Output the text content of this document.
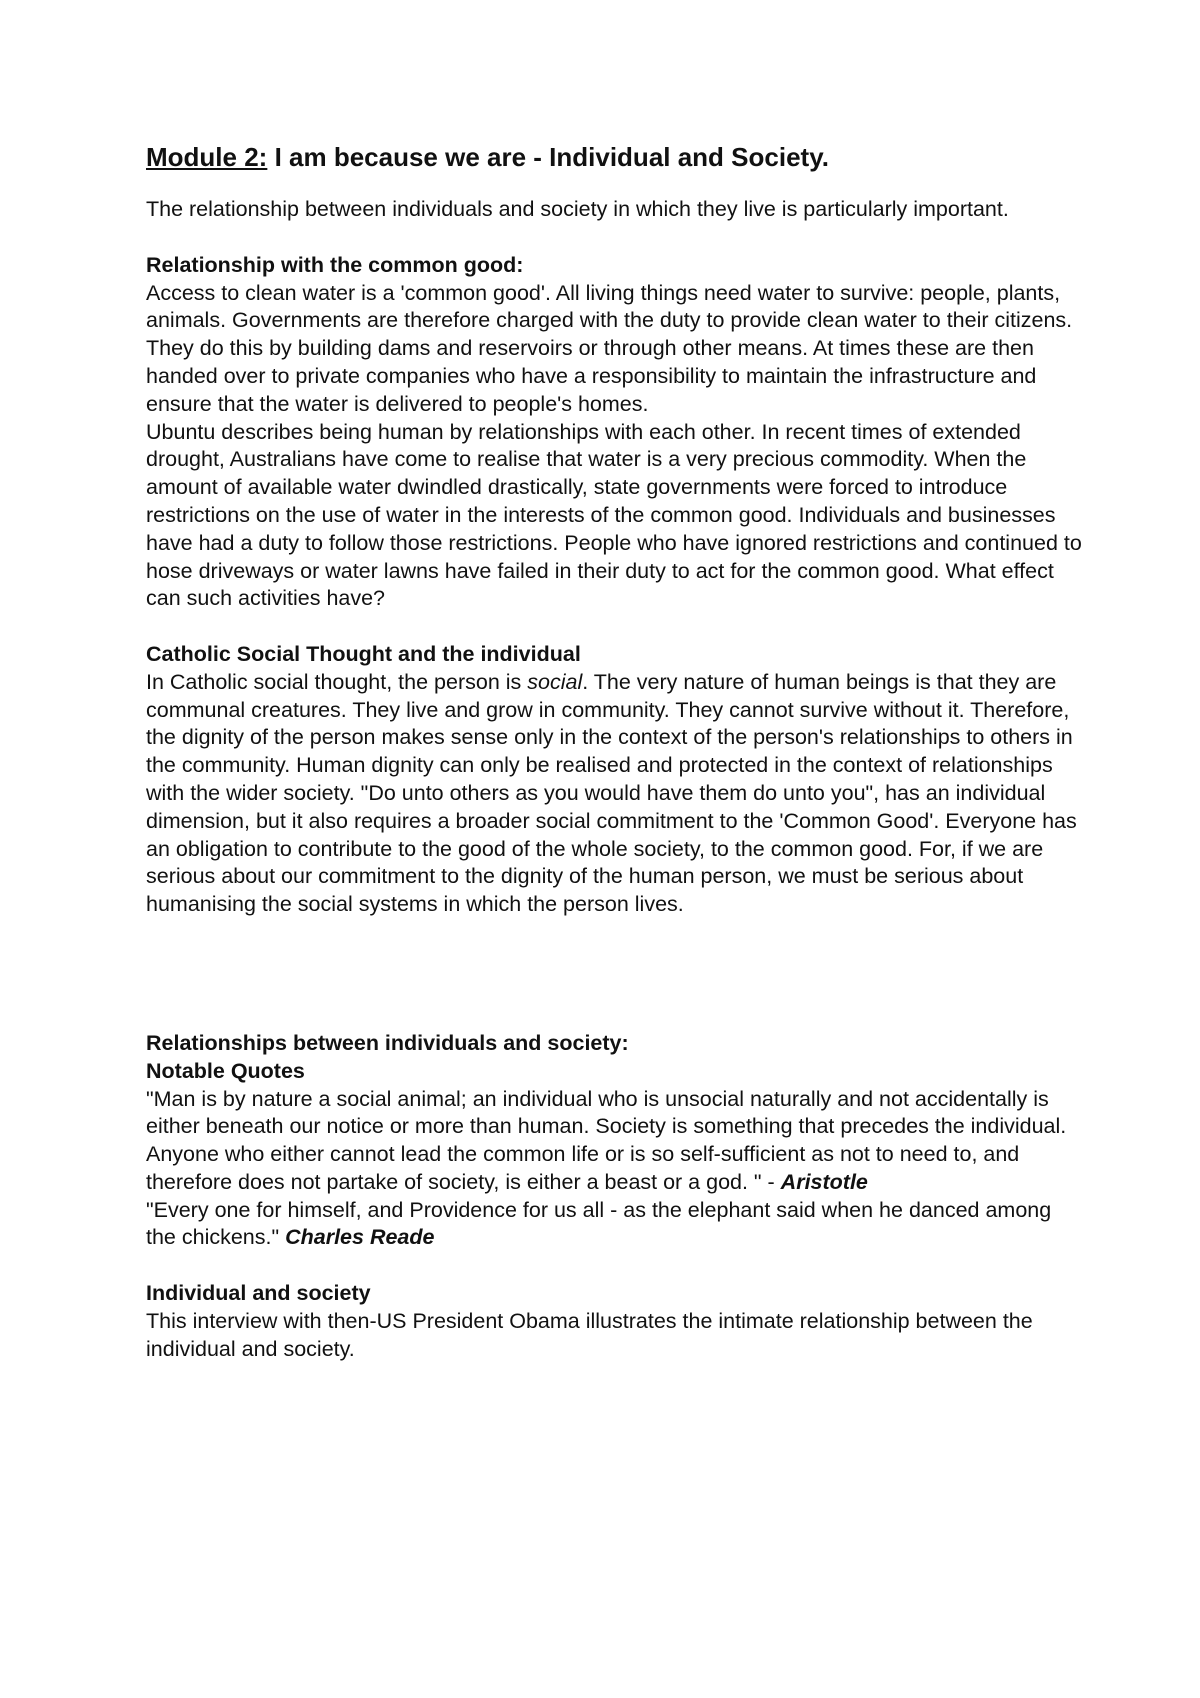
Module 2: I am because we are - Individual and Society.

The relationship between individuals and society in which they live is particularly important.

Relationship with the common good:

Access to clean water is a 'common good'. All living things need water to survive: people, plants, animals. Governments are therefore charged with the duty to provide clean water to their citizens. They do this by building dams and reservoirs or through other means. At times these are then handed over to private companies who have a responsibility to maintain the infrastructure and ensure that the water is delivered to people's homes.

Ubuntu describes being human by relationships with each other. In recent times of extended drought, Australians have come to realise that water is a very precious commodity. When the amount of available water dwindled drastically, state governments were forced to introduce restrictions on the use of water in the interests of the common good. Individuals and businesses have had a duty to follow those restrictions. People who have ignored restrictions and continued to hose driveways or water lawns have failed in their duty to act for the common good. What effect can such activities have?

Catholic Social Thought and the individual

In Catholic social thought, the person is social. The very nature of human beings is that they are communal creatures. They live and grow in community. They cannot survive without it. Therefore, the dignity of the person makes sense only in the context of the person's relationships to others in the community. Human dignity can only be realised and protected in the context of relationships with the wider society. "Do unto others as you would have them do unto you", has an individual dimension, but it also requires a broader social commitment to the 'Common Good'. Everyone has an obligation to contribute to the good of the whole society, to the common good. For, if we are serious about our commitment to the dignity of the human person, we must be serious about humanising the social systems in which the person lives.

Relationships between individuals and society:

Notable Quotes

"Man is by nature a social animal; an individual who is unsocial naturally and not accidentally is either beneath our notice or more than human. Society is something that precedes the individual. Anyone who either cannot lead the common life or is so self-sufficient as not to need to, and therefore does not partake of society, is either a beast or a god. " - Aristotle

"Every one for himself, and Providence for us all - as the elephant said when he danced among the chickens." Charles Reade

Individual and society

This interview with then-US President Obama illustrates the intimate relationship between the individual and society.
